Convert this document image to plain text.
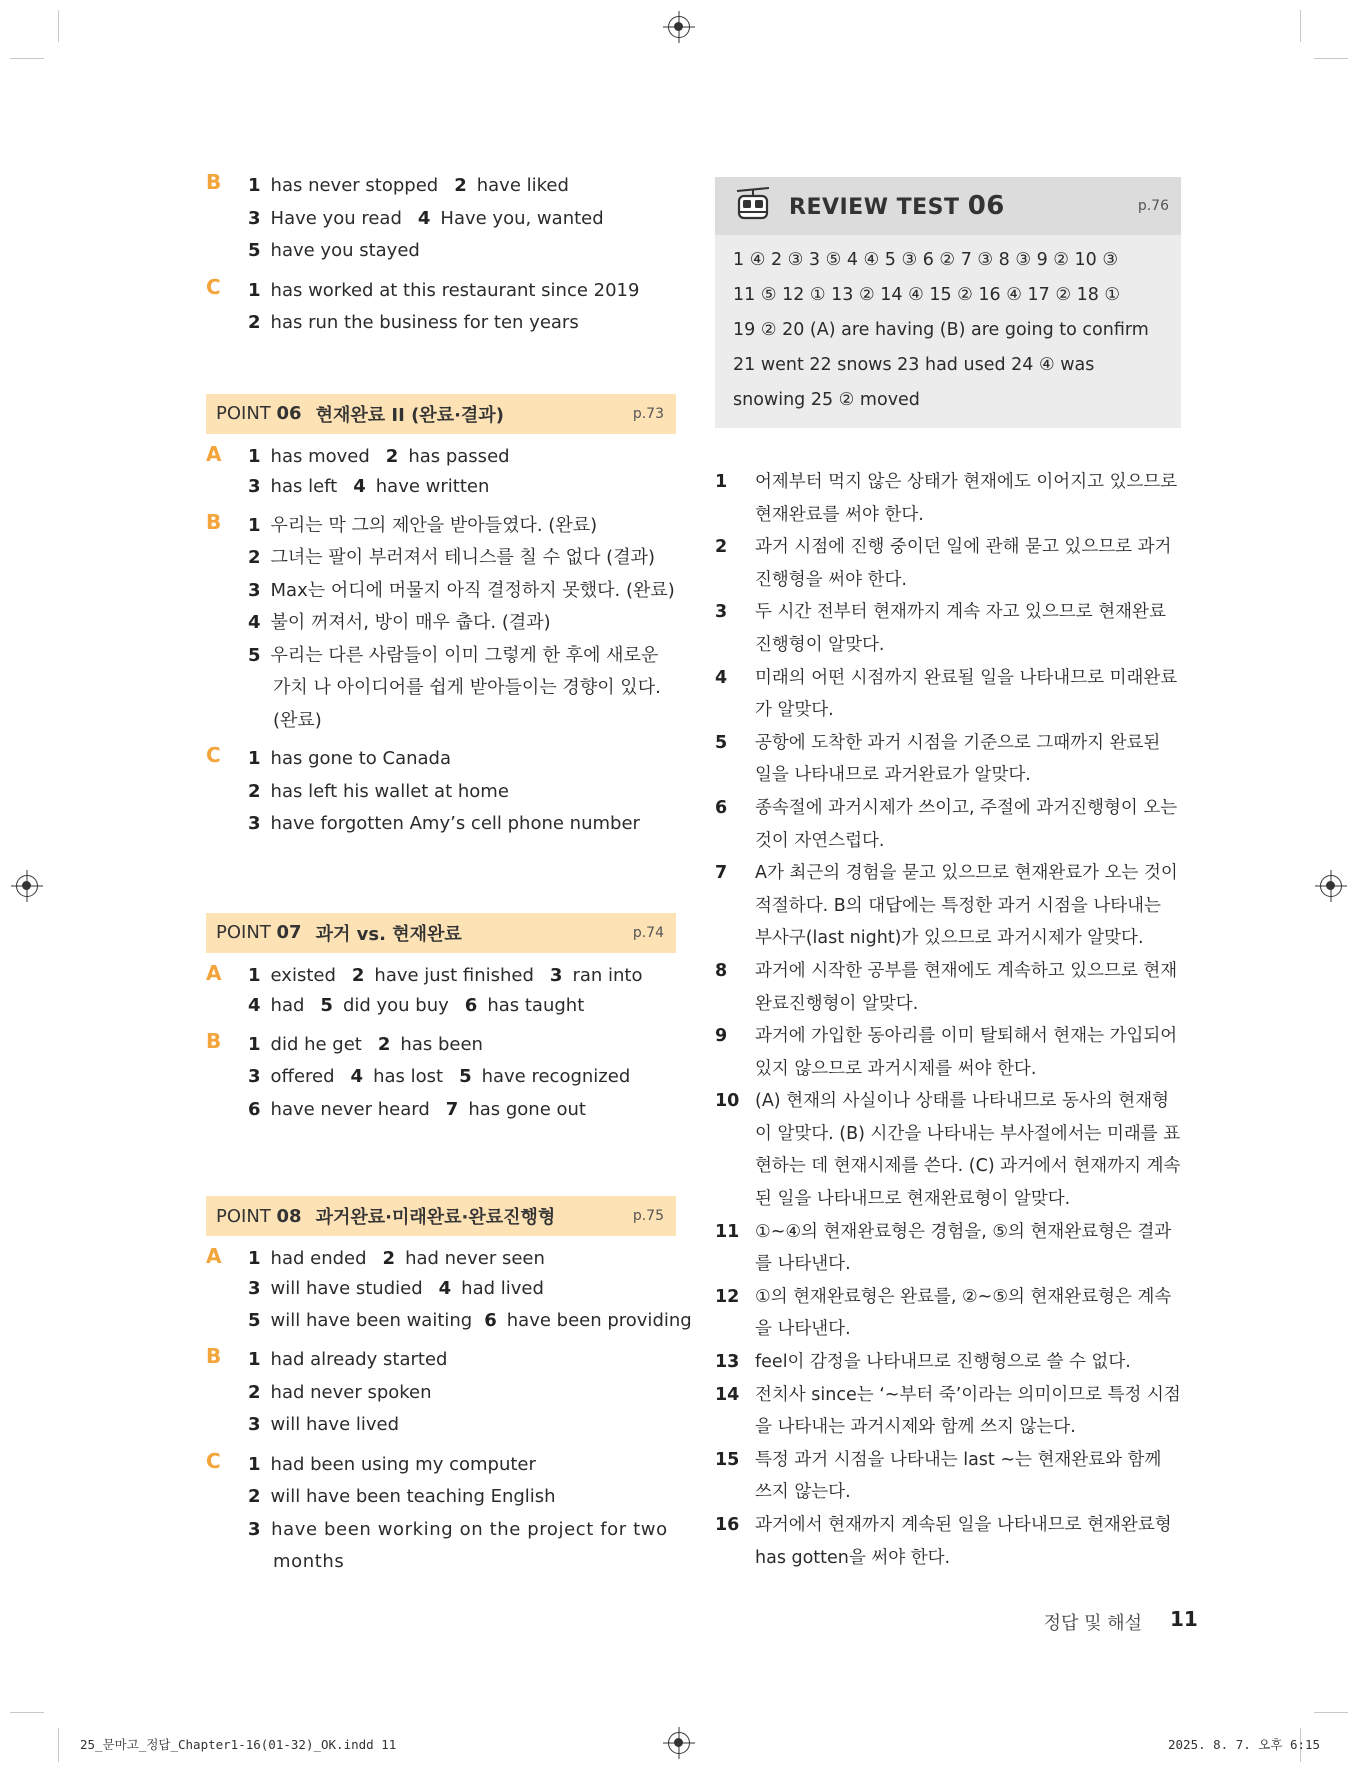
B	1 has never stopped 2 have liked
3 Have you read 4 Have you, wanted
5 have you stayed
C	1 has worked at this restaurant since 2019
2 has run the business for ten years
POINT 06 현재완료 II (완료·결과)	p.73
A	1 has moved 2 has passed
3 has left 4 have written
B	1 우리는 막 그의 제안을 받아들였다. (완료)
2 그녀는 팔이 부러져서 테니스를 칠 수 없다 (결과)
3 Max는 어디에 머물지 아직 결정하지 못했다. (완료)
4 불이 꺼져서, 방이 매우 춥다. (결과)
5 우리는 다른 사람들이 이미 그렇게 한 후에 새로운 가치 나 아이디어를 쉽게 받아들이는 경향이 있다. (완료)
C	1 has gone to Canada
2 has left his wallet at home
3 have forgotten Amy’s cell phone number
POINT 07 과거 vs. 현재완료	p.74
A	1 existed 2 have just finished 3 ran into
4 had 5 did you buy 6 has taught
B	1 did he get 2 has been
3 offered 4 has lost 5 have recognized
6 have never heard 7 has gone out
POINT 08 과거완료·미래완료·완료진행형	p.75
A	1 had ended 2 had never seen
3 will have studied 4 had lived
5 will have been waiting 6 have been providing
B	1 had already started
2 had never spoken
3 will have lived
C	1 had been using my computer
2 will have been teaching English
3 have been working on the project for two months
REVIEW TEST 06	p.76
1 ④ 2 ③ 3 ⑤ 4 ④ 5 ③ 6 ② 7 ③ 8 ③ 9 ② 10 ③
11 ⑤ 12 ① 13 ② 14 ④ 15 ② 16 ④ 17 ② 18 ①
19 ② 20 (A) are having (B) are going to confirm
21 went 22 snows 23 had used 24 ④ was
snowing 25 ② moved
1 어제부터 먹지 않은 상태가 현재에도 이어지고 있으므로 현재완료를 써야 한다.
2 과거 시점에 진행 중이던 일에 관해 묻고 있으므로 과거진행형을 써야 한다.
3 두 시간 전부터 현재까지 계속 자고 있으므로 현재완료진행형이 알맞다.
4 미래의 어떤 시점까지 완료될 일을 나타내므로 미래완료가 알맞다.
5 공항에 도착한 과거 시점을 기준으로 그때까지 완료된 일을 나타내므로 과거완료가 알맞다.
6 종속절에 과거시제가 쓰이고, 주절에 과거진행형이 오는 것이 자연스럽다.
7 A가 최근의 경험을 묻고 있으므로 현재완료가 오는 것이 적절하다. B의 대답에는 특정한 과거 시점을 나타내는 부사구(last night)가 있으므로 과거시제가 알맞다.
8 과거에 시작한 공부를 현재에도 계속하고 있으므로 현재완료진행형이 알맞다.
9 과거에 가입한 동아리를 이미 탈퇴해서 현재는 가입되어 있지 않으므로 과거시제를 써야 한다.
10 (A) 현재의 사실이나 상태를 나타내므로 동사의 현재형이 알맞다. (B) 시간을 나타내는 부사절에서는 미래를 표현하는 데 현재시제를 쓴다. (C) 과거에서 현재까지 계속된 일을 나타내므로 현재완료형이 알맞다.
11 ①~④의 현재완료형은 경험을, ⑤의 현재완료형은 결과를 나타낸다.
12 ①의 현재완료형은 완료를, ②~⑤의 현재완료형은 계속을 나타낸다.
13 feel이 감정을 나타내므로 진행형으로 쓸 수 없다.
14 전치사 since는 ‘~부터 죽’이라는 의미이므로 특정 시점을 나타내는 과거시제와 함께 쓰지 않는다.
15 특정 과거 시점을 나타내는 last ~는 현재완료와 함께 쓰지 않는다.
16 과거에서 현재까지 계속된 일을 나타내므로 현재완료형 has gotten을 써야 한다.
정답 및 해설 11
25_문마고_정답_Chapter1-16(01-32)_OK.indd 11	2025. 8. 7. 오후 6:15
